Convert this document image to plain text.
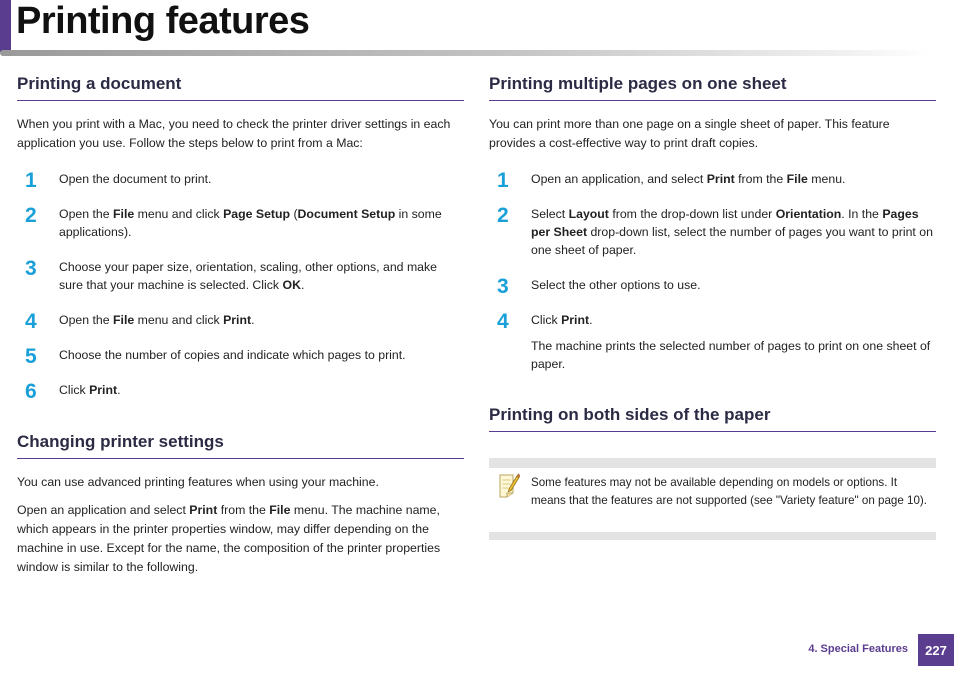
Printing features
Printing a document

When you print with a Mac, you need to check the printer driver settings in each application you use. Follow the steps below to print from a Mac:

1 Open the document to print.
2 Open the File menu and click Page Setup (Document Setup in some applications).
3 Choose your paper size, orientation, scaling, other options, and make sure that your machine is selected. Click OK.
4 Open the File menu and click Print.
5 Choose the number of copies and indicate which pages to print.
6 Click Print.
Changing printer settings

You can use advanced printing features when using your machine.

Open an application and select Print from the File menu. The machine name, which appears in the printer properties window, may differ depending on the machine in use. Except for the name, the composition of the printer properties window is similar to the following.

Printing multiple pages on one sheet

You can print more than one page on a single sheet of paper. This feature provides a cost-effective way to print draft copies.

1 Open an application, and select Print from the File menu.
2 Select Layout from the drop-down list under Orientation. In the Pages per Sheet drop-down list, select the number of pages you want to print on one sheet of paper.
3 Select the other options to use.
4 Click Print.
The machine prints the selected number of pages to print on one sheet of paper.
Printing on both sides of the paper
Some features may not be available depending on models or options. It means that the features are not supported (see "Variety feature" on page 10).
4. Special Features	227
